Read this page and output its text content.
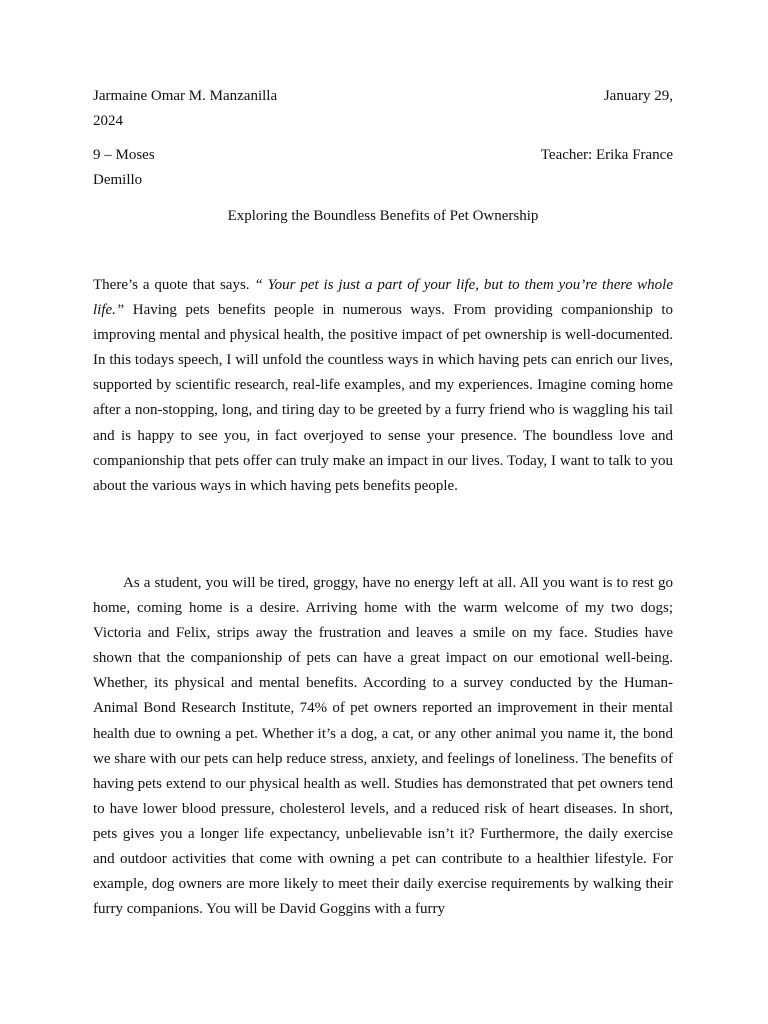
Jarmaine Omar M. Manzanilla	January 29,
2024
9 – Moses	Teacher: Erika France
Demillo
Exploring the Boundless Benefits of Pet Ownership

There’s a quote that says. “ Your pet is just a part of your life, but to them you’re there whole life.” Having pets benefits people in numerous ways. From providing companionship to improving mental and physical health, the positive impact of pet ownership is well-documented. In this todays speech, I will unfold the countless ways in which having pets can enrich our lives, supported by scientific research, real-life examples, and my experiences. Imagine coming home after a non-stopping, long, and tiring day to be greeted by a furry friend who is waggling his tail and is happy to see you, in fact overjoyed to sense your presence. The boundless love and companionship that pets offer can truly make an impact in our lives. Today, I want to talk to you about the various ways in which having pets benefits people.

As a student, you will be tired, groggy, have no energy left at all. All you want is to rest go home, coming home is a desire. Arriving home with the warm welcome of my two dogs; Victoria and Felix, strips away the frustration and leaves a smile on my face. Studies have shown that the companionship of pets can have a great impact on our emotional well-being. Whether, its physical and mental benefits. According to a survey conducted by the Human-Animal Bond Research Institute, 74% of pet owners reported an improvement in their mental health due to owning a pet. Whether it’s a dog, a cat, or any other animal you name it, the bond we share with our pets can help reduce stress, anxiety, and feelings of loneliness. The benefits of having pets extend to our physical health as well. Studies has demonstrated that pet owners tend to have lower blood pressure, cholesterol levels, and a reduced risk of heart diseases. In short, pets gives you a longer life expectancy, unbelievable isn’t it? Furthermore, the daily exercise and outdoor activities that come with owning a pet can contribute to a healthier lifestyle. For example, dog owners are more likely to meet their daily exercise requirements by walking their furry companions. You will be David Goggins with a furry
